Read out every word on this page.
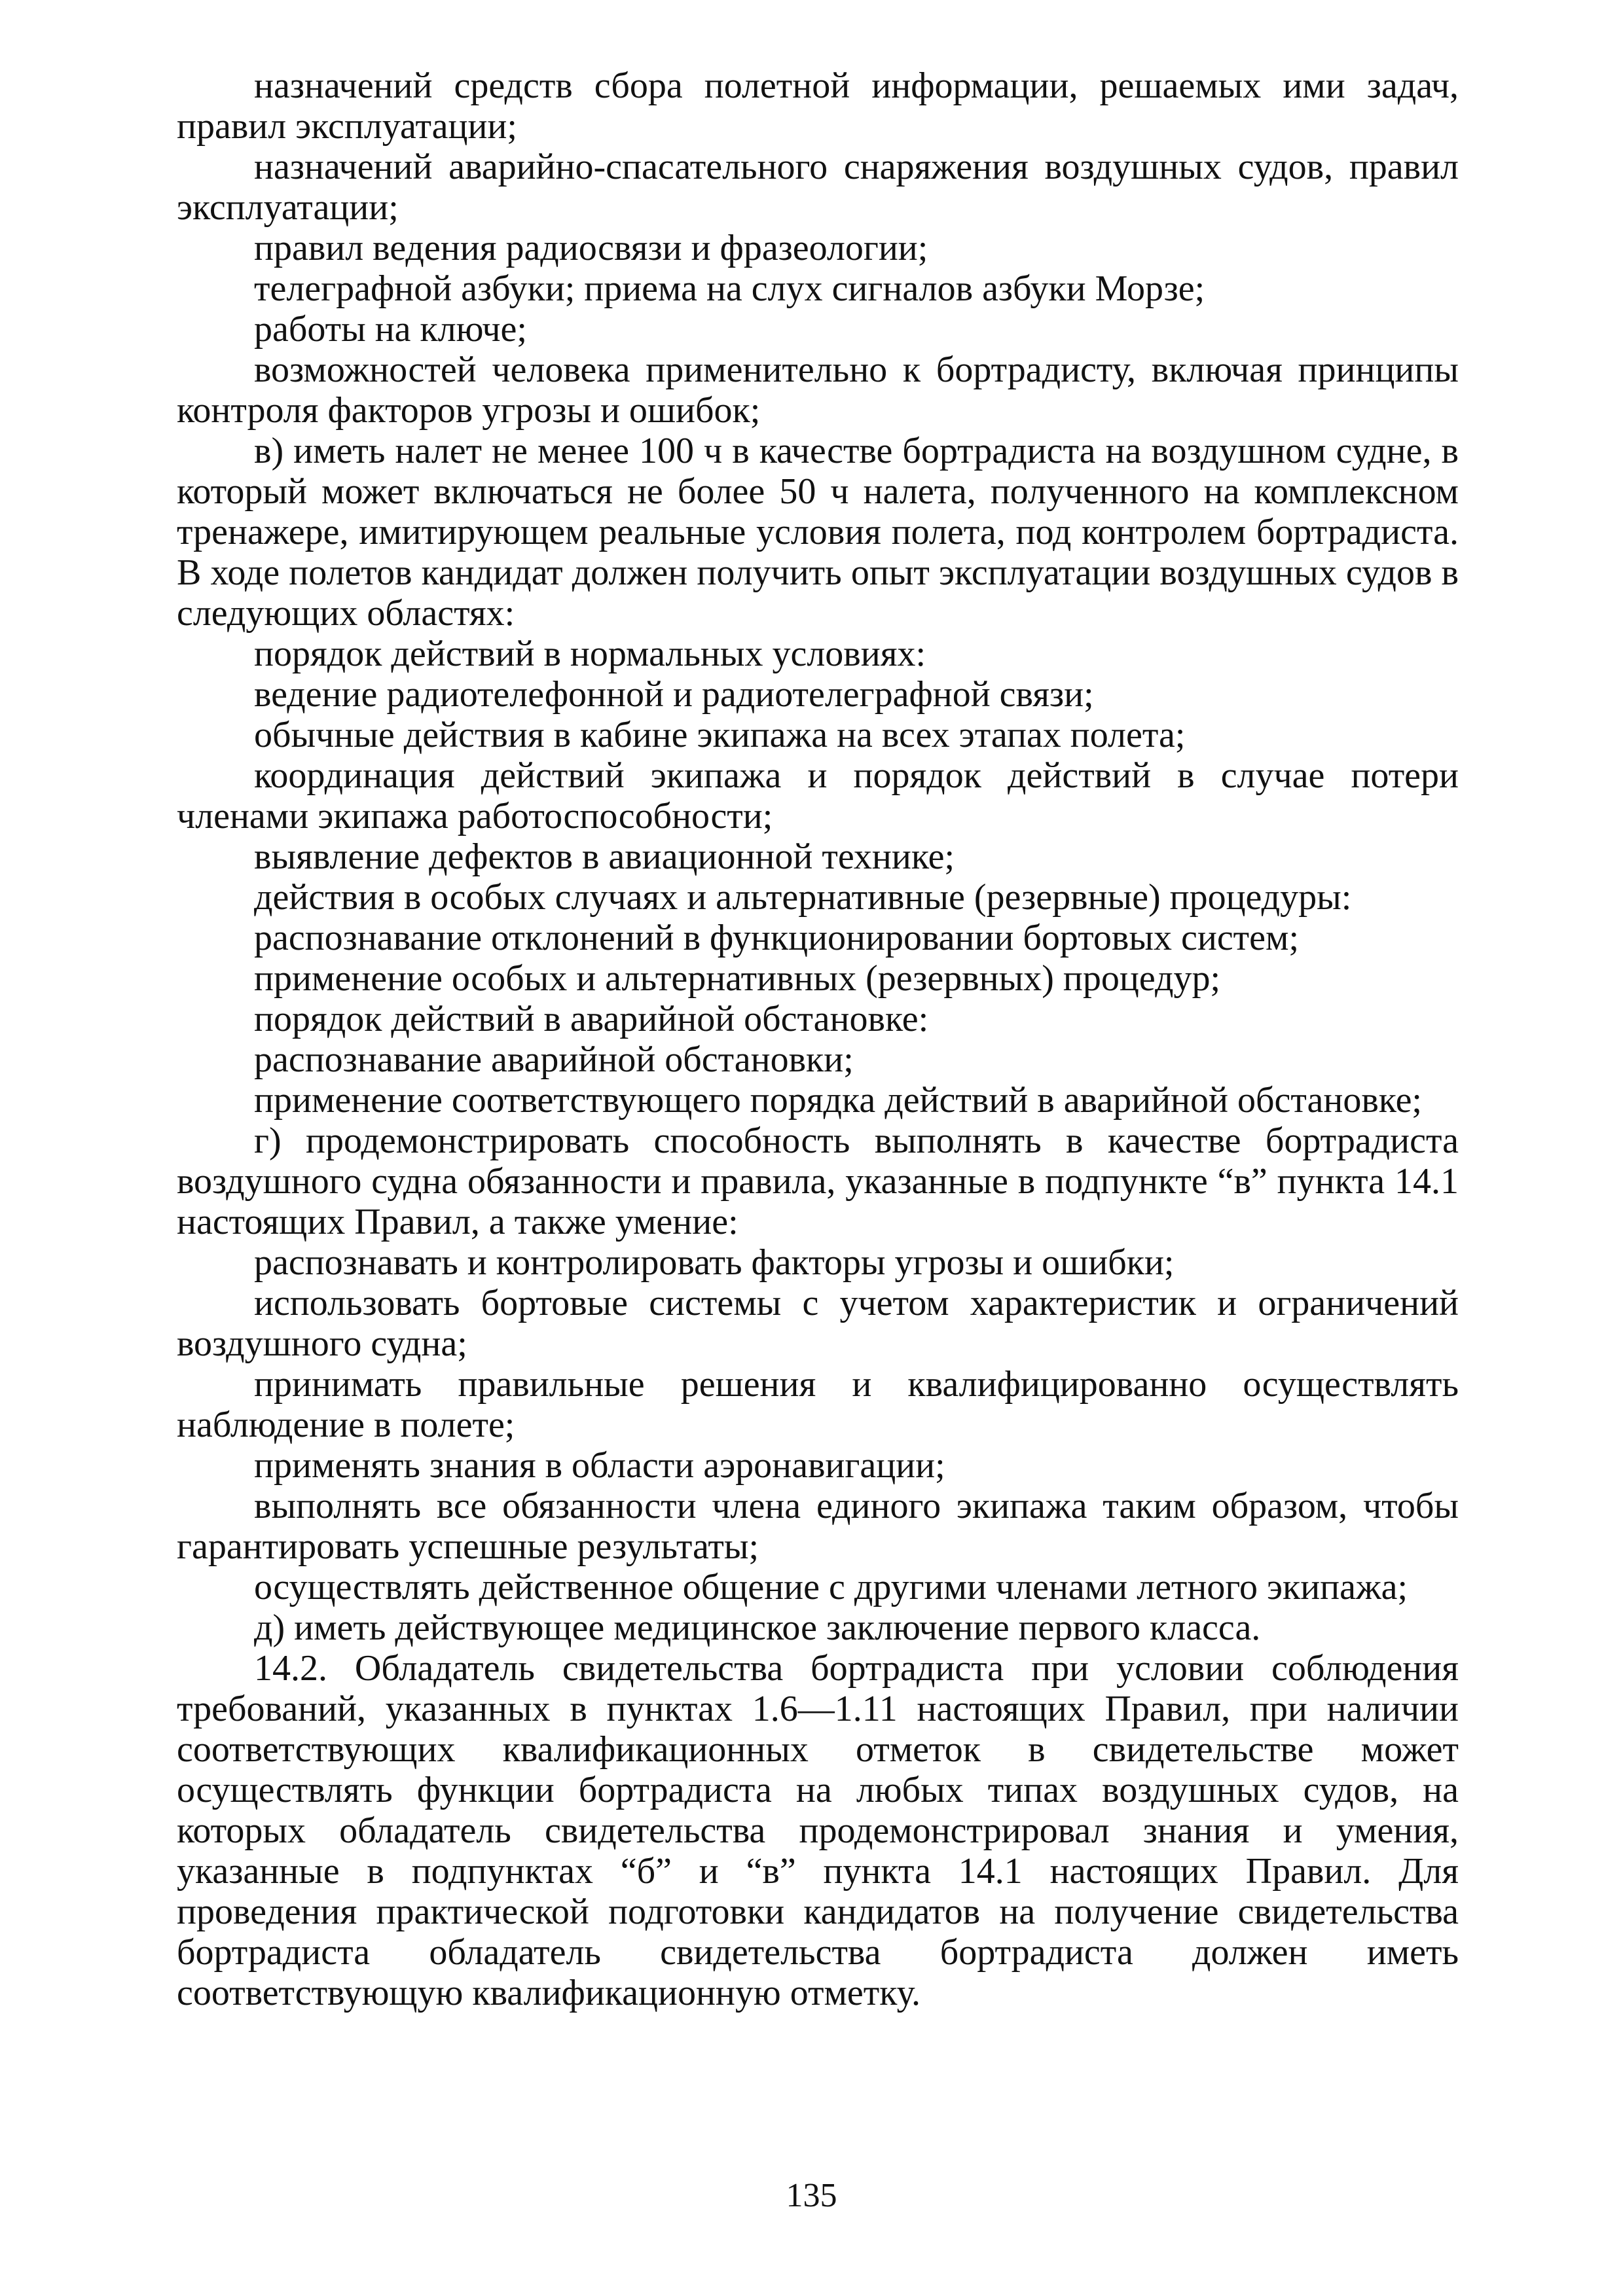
назначений средств сбора полетной информации, решаемых ими задач, правил эксплуатации;

назначений аварийно-спасательного снаряжения воздушных судов, правил эксплуатации;

правил ведения радиосвязи и фразеологии;

телеграфной азбуки; приема на слух сигналов азбуки Морзе;

работы на ключе;

возможностей человека применительно к бортрадисту, включая принципы контроля факторов угрозы и ошибок;

в) иметь налет не менее 100 ч в качестве бортрадиста на воздушном судне, в который может включаться не более 50 ч налета, полученного на комплексном тренажере, имитирующем реальные условия полета, под контролем бортрадиста. В ходе полетов кандидат должен получить опыт эксплуатации воздушных судов в следующих областях:

порядок действий в нормальных условиях:

ведение радиотелефонной и радиотелеграфной связи;

обычные действия в кабине экипажа на всех этапах полета;

координация действий экипажа и порядок действий в случае потери членами экипажа работоспособности;

выявление дефектов в авиационной технике;

действия в особых случаях и альтернативные (резервные) процедуры:

распознавание отклонений в функционировании бортовых систем;

применение особых и альтернативных (резервных) процедур;

порядок действий в аварийной обстановке:

распознавание аварийной обстановки;

применение соответствующего порядка действий в аварийной обстановке;

г) продемонстрировать способность выполнять в качестве бортрадиста воздушного судна обязанности и правила, указанные в подпункте “в” пункта 14.1 настоящих Правил, а также умение:

распознавать и контролировать факторы угрозы и ошибки;

использовать бортовые системы с учетом характеристик и ограничений воздушного судна;

принимать правильные решения и квалифицированно осуществлять наблюдение в полете;

применять знания в области аэронавигации;

выполнять все обязанности члена единого экипажа таким образом, чтобы гарантировать успешные результаты;

осуществлять действенное общение с другими членами летного экипажа;

д) иметь действующее медицинское заключение первого класса.

14.2. Обладатель свидетельства бортрадиста при условии соблюдения требований, указанных в пунктах 1.6—1.11 настоящих Правил, при наличии соответствующих квалификационных отметок в свидетельстве может осуществлять функции бортрадиста на любых типах воздушных судов, на которых обладатель свидетельства продемонстрировал знания и умения, указанные в подпунктах “б” и “в” пункта 14.1 настоящих Правил. Для проведения практической подготовки кандидатов на получение свидетельства бортрадиста обладатель свидетельства бортрадиста должен иметь соответствующую квалификационную отметку.

135
